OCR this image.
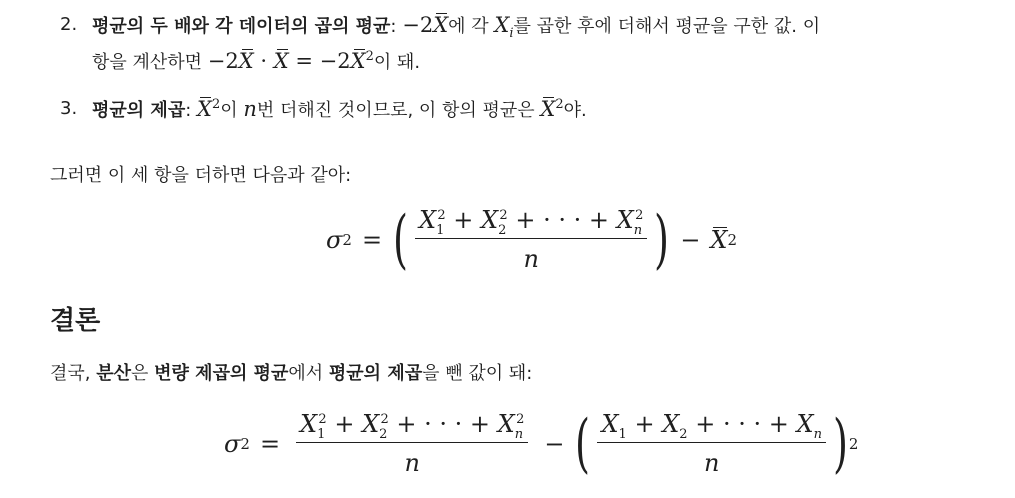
2. 평균의 두 배와 각 데이터의 곱의 평균: −2X에 각 $X_i$를 곱한 후에 더해서 평균을 구한 값. 이
항을 계산하면 $-2X \cdot X = -2X^2$이 돼.
3. 평균의 제곱: $X^2$이 n번 더해진 것이므로, 이 항의 평균은 $X^2$야.
그러면 이 세 항을 더하면 다음과 같아:
σ 2 = ( $\frac{X_1^2 + X_2^2 + \cdot \cdot \cdot + X_n^2}{n}$ ) − X 2
결론
결국, 분산은 변량 제곱의 평균에서 평균의 제곱을 뺀 값이 돼:
σ $2 = \frac{X_1^2 + X_2^2 + \cdot \cdot \cdot + X_n^2}{n}$ − ( $\frac{X_1 + X_2 + \cdot \cdot \cdot + X_n}{n}$ ) 2
